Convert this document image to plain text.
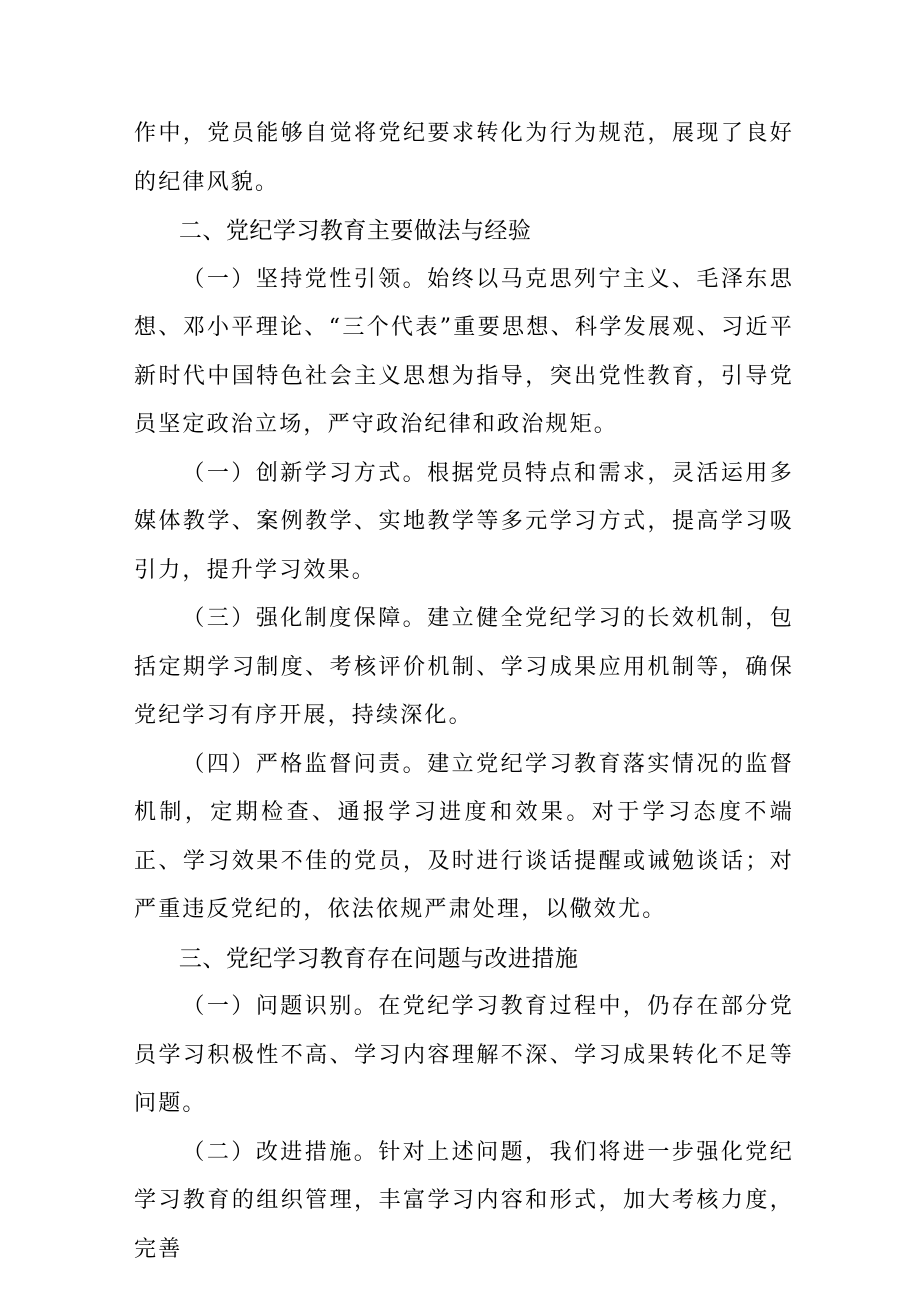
作中，党员能够自觉将党纪要求转化为行为规范，展现了良好的纪律风貌。

二、党纪学习教育主要做法与经验

（一）坚持党性引领。始终以马克思列宁主义、毛泽东思想、邓小平理论、“三个代表”重要思想、科学发展观、习近平新时代中国特色社会主义思想为指导，突出党性教育，引导党员坚定政治立场，严守政治纪律和政治规矩。

（一）创新学习方式。根据党员特点和需求，灵活运用多媒体教学、案例教学、实地教学等多元学习方式，提高学习吸引力，提升学习效果。

（三）强化制度保障。建立健全党纪学习的长效机制，包括定期学习制度、考核评价机制、学习成果应用机制等，确保党纪学习有序开展，持续深化。

（四）严格监督问责。建立党纪学习教育落实情况的监督机制，定期检查、通报学习进度和效果。对于学习态度不端正、学习效果不佳的党员，及时进行谈话提醒或诫勉谈话；对严重违反党纪的，依法依规严肃处理，以儆效尤。

三、党纪学习教育存在问题与改进措施

（一）问题识别。在党纪学习教育过程中，仍存在部分党员学习积极性不高、学习内容理解不深、学习成果转化不足等问题。

（二）改进措施。针对上述问题，我们将进一步强化党纪学习教育的组织管理，丰富学习内容和形式，加大考核力度，完善
